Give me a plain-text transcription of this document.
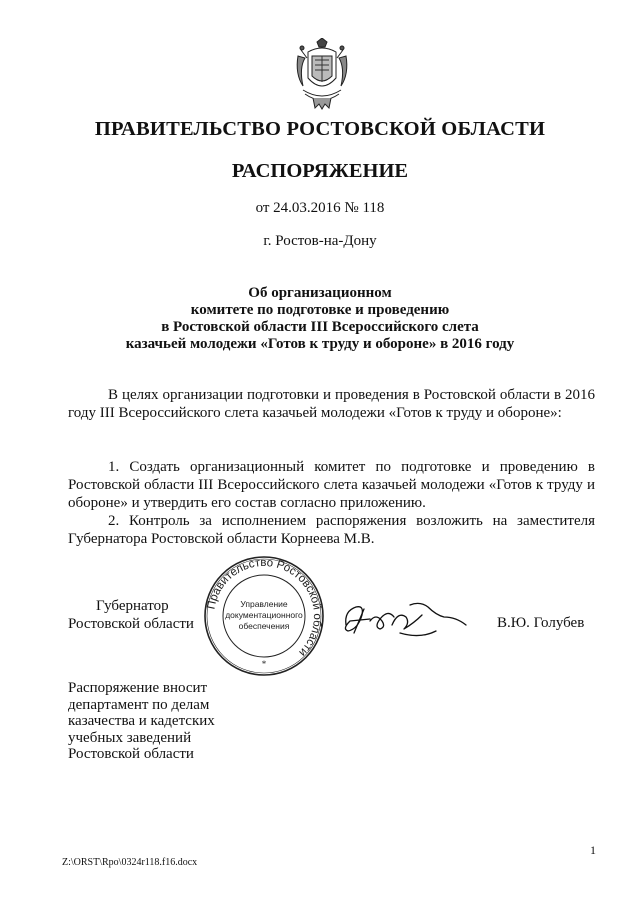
ПРАВИТЕЛЬСТВО РОСТОВСКОЙ ОБЛАСТИ
РАСПОРЯЖЕНИЕ
от 24.03.2016 № 118
г. Ростов-на-Дону
Об организационном
комитете по подготовке и проведению
в Ростовской области III Всероссийского слета
казачьей молодежи «Готов к труду и обороне» в 2016 году
В целях организации подготовки и проведения в Ростовской области в 2016 году III Всероссийского слета казачьей молодежи «Готов к труду и обороне»:
1. Создать организационный комитет по подготовке и проведению в Ростовской области III Всероссийского слета казачьей молодежи «Готов к труду и обороне» и утвердить его состав согласно приложению.
2. Контроль за исполнением распоряжения возложить на заместителя Губернатора Ростовской области Корнеева М.В.
Губернатор
Ростовской области
Правительство Ростовской области
Управление
документационного
обеспечения
*
В.Ю. Голубев
Распоряжение вносит
департамент по делам
казачества и кадетских
учебных заведений
Ростовской области
1
Z:\ORST\Rpo\0324r118.f16.docx
